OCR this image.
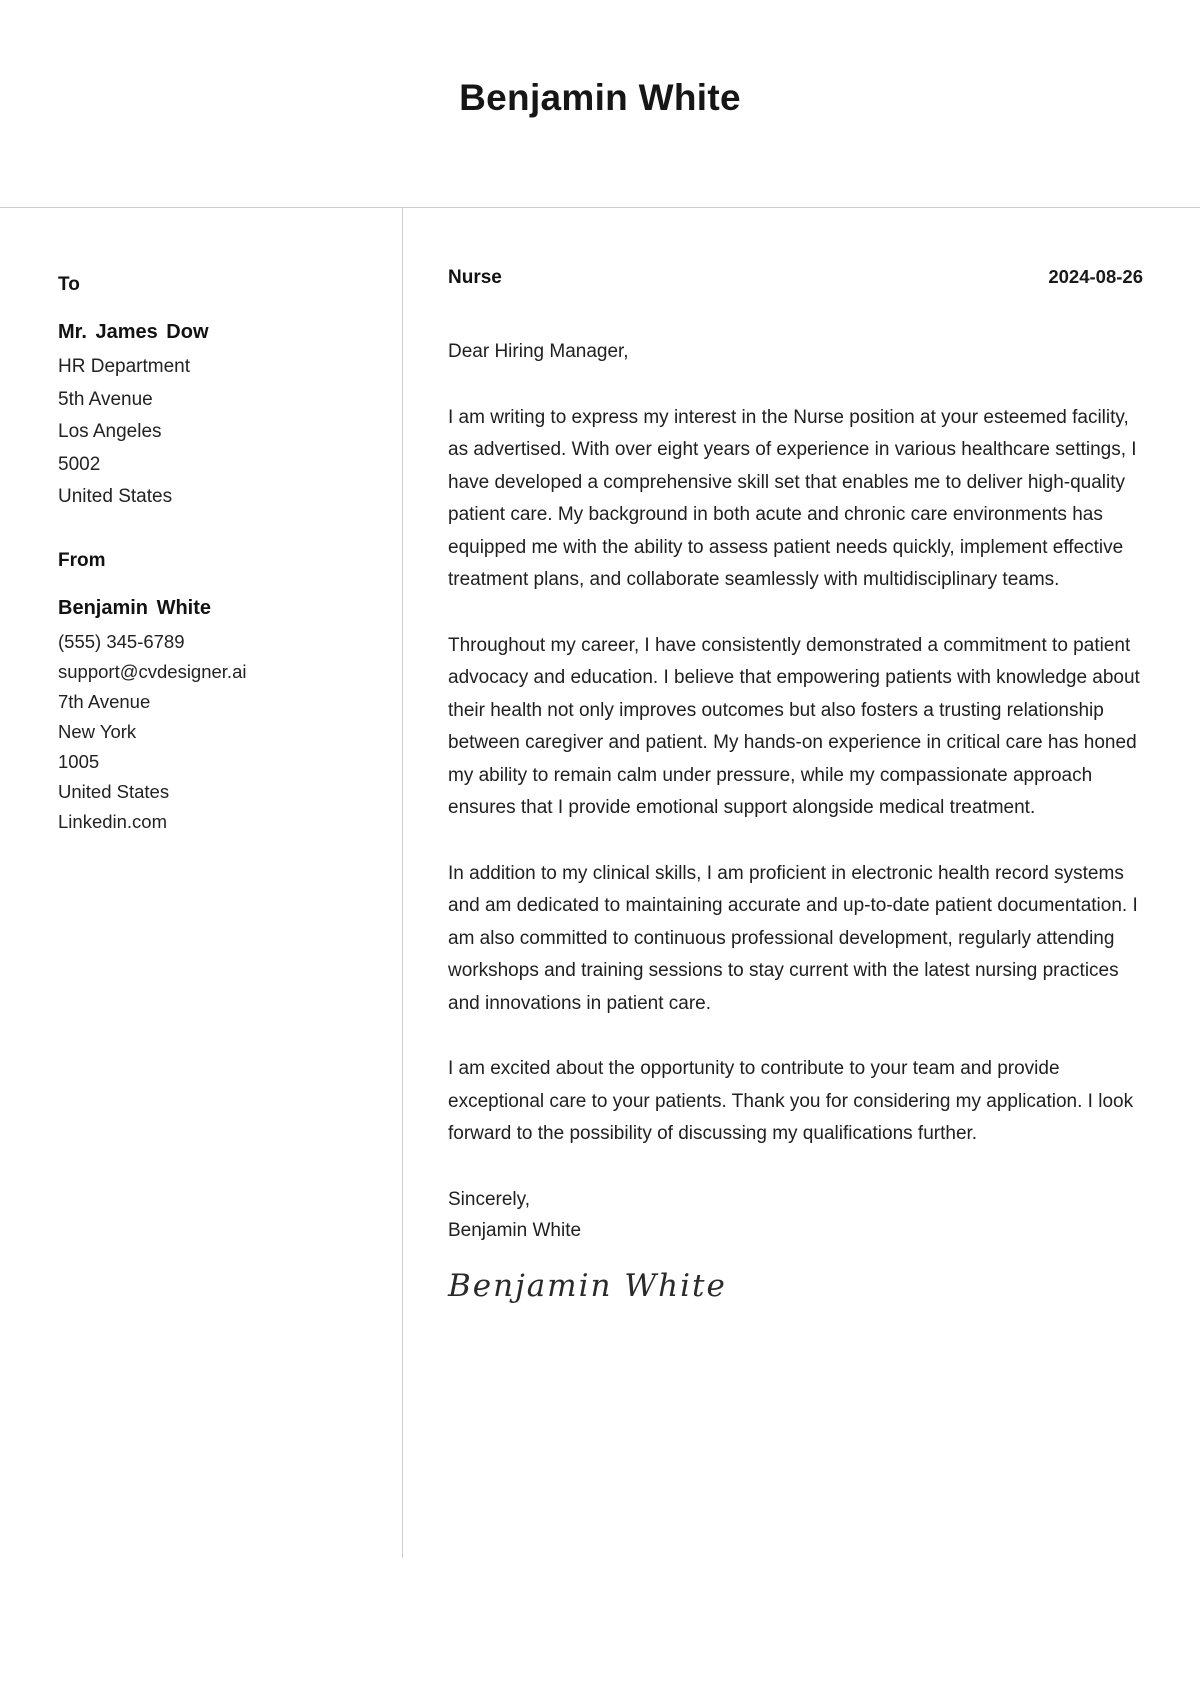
Benjamin White
To
Mr. James Dow
HR Department
5th Avenue
Los Angeles
5002
United States
From
Benjamin White
(555) 345-6789
support@cvdesigner.ai
7th Avenue
New York
1005
United States
Linkedin.com
Nurse	2024-08-26
Dear Hiring Manager,
I am writing to express my interest in the Nurse position at your esteemed facility, as advertised. With over eight years of experience in various healthcare settings, I have developed a comprehensive skill set that enables me to deliver high-quality patient care. My background in both acute and chronic care environments has equipped me with the ability to assess patient needs quickly, implement effective treatment plans, and collaborate seamlessly with multidisciplinary teams.
Throughout my career, I have consistently demonstrated a commitment to patient advocacy and education. I believe that empowering patients with knowledge about their health not only improves outcomes but also fosters a trusting relationship between caregiver and patient. My hands-on experience in critical care has honed my ability to remain calm under pressure, while my compassionate approach ensures that I provide emotional support alongside medical treatment.
In addition to my clinical skills, I am proficient in electronic health record systems and am dedicated to maintaining accurate and up-to-date patient documentation. I am also committed to continuous professional development, regularly attending workshops and training sessions to stay current with the latest nursing practices and innovations in patient care.
I am excited about the opportunity to contribute to your team and provide exceptional care to your patients. Thank you for considering my application. I look forward to the possibility of discussing my qualifications further.
Sincerely,
Benjamin White
Benjamin White
